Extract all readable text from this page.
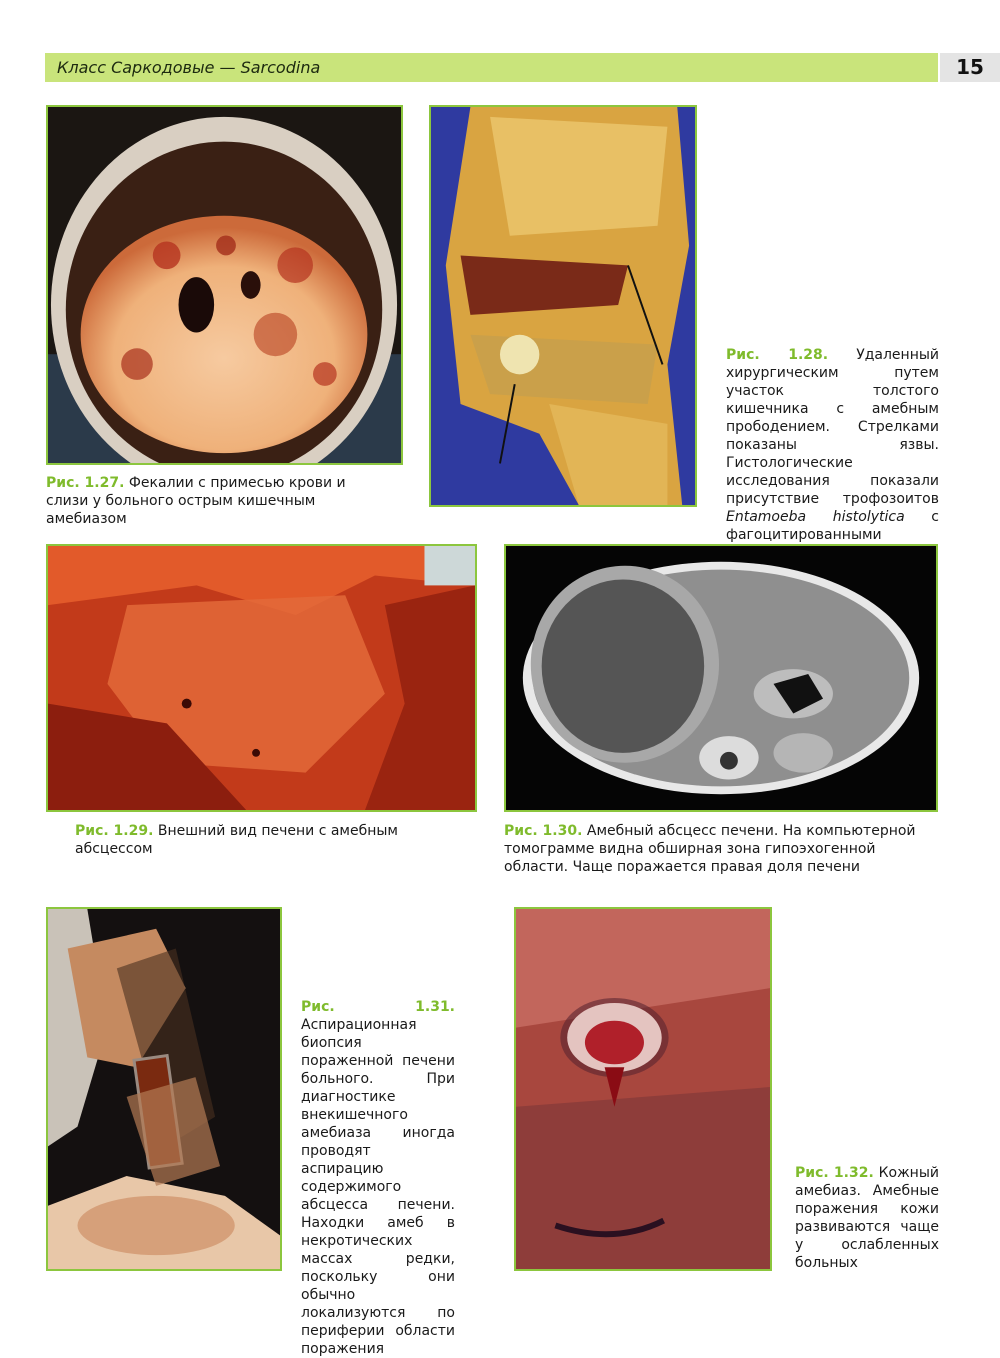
Класс Саркодовые — Sarcodina	15
Рис. 1.27. Фекалии с примесью крови и слизи у больного острым кишечным амебиазом
Рис. 1.28. Удаленный хирургическим путем участок толстого кишечника с амебным прободением. Стрелками показаны язвы. Гистологические исследования показали присутствие трофозоитов Entamoeba histolytica с фагоцитированными
Рис. 1.29. Внешний вид печени с амебным абсцессом
Рис. 1.30. Амебный абсцесс печени. На компьютерной томограмме видна обширная зона гипоэхогенной области. Чаще поражается правая доля печени
Рис. 1.31. Аспирационная биопсия пораженной печени больного. При диагностике внекишечного амебиаза иногда проводят аспирацию содержимого абсцесса печени. Находки амеб в некротических массах редки, поскольку они обычно локализуются по периферии области поражения
Рис. 1.32. Кожный амебиаз. Амебные поражения кожи развиваются чаще у ослабленных больных
